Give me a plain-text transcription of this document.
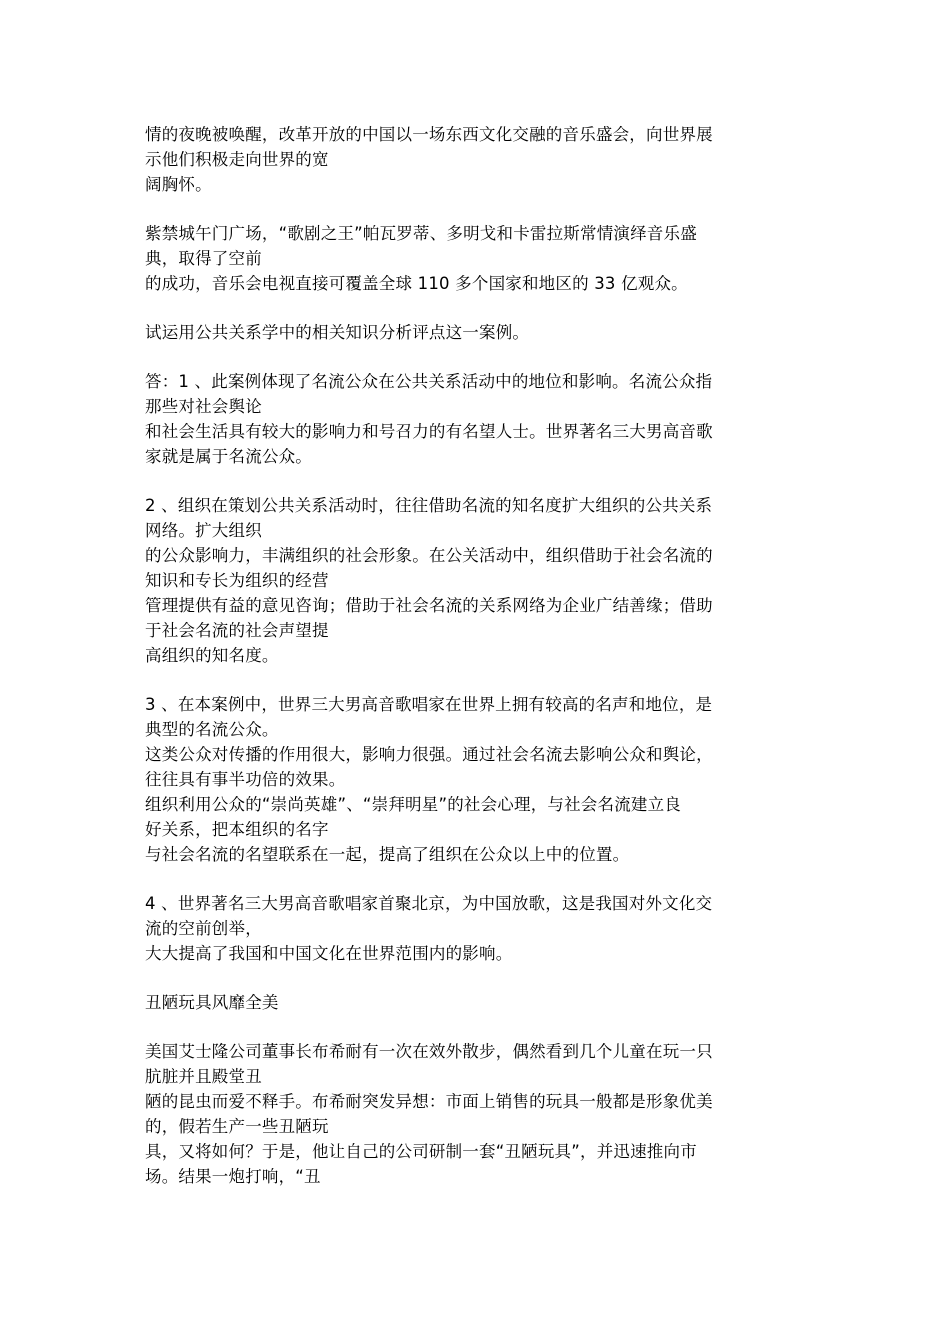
情的夜晚被唤醒，改革开放的中国以一场东西文化交融的音乐盛会，向世界展
示他们积极走向世界的宽
阔胸怀。
紫禁城午门广场，“歌剧之王”帕瓦罗蒂、多明戈和卡雷拉斯常情演绎音乐盛
典，取得了空前
的成功，音乐会电视直接可覆盖全球 110 多个国家和地区的 33 亿观众。
试运用公共关系学中的相关知识分析评点这一案例。
答：1 、此案例体现了名流公众在公共关系活动中的地位和影响。名流公众指
那些对社会舆论
和社会生活具有较大的影响力和号召力的有名望人士。世界著名三大男高音歌
家就是属于名流公众。
2 、组织在策划公共关系活动时，往往借助名流的知名度扩大组织的公共关系
网络。扩大组织
的公众影响力，丰满组织的社会形象。在公关活动中，组织借助于社会名流的
知识和专长为组织的经营
管理提供有益的意见咨询；借助于社会名流的关系网络为企业广结善缘；借助
于社会名流的社会声望提
高组织的知名度。
3 、在本案例中，世界三大男高音歌唱家在世界上拥有较高的名声和地位，是
典型的名流公众。
这类公众对传播的作用很大，影响力很强。通过社会名流去影响公众和舆论，
往往具有事半功倍的效果。
组织利用公众的“崇尚英雄”、“崇拜明星”的社会心理，与社会名流建立良
好关系，把本组织的名字
与社会名流的名望联系在一起，提高了组织在公众以上中的位置。
4 、世界著名三大男高音歌唱家首聚北京，为中国放歌，这是我国对外文化交
流的空前创举，
大大提高了我国和中国文化在世界范围内的影响。
丑陋玩具风靡全美
美国艾士隆公司董事长布希耐有一次在效外散步，偶然看到几个儿童在玩一只
肮脏并且殿堂丑
陋的昆虫而爱不释手。布希耐突发异想：市面上销售的玩具一般都是形象优美
的，假若生产一些丑陋玩
具，又将如何？于是，他让自己的公司研制一套“丑陋玩具”，并迅速推向市
场。结果一炮打响，“丑
